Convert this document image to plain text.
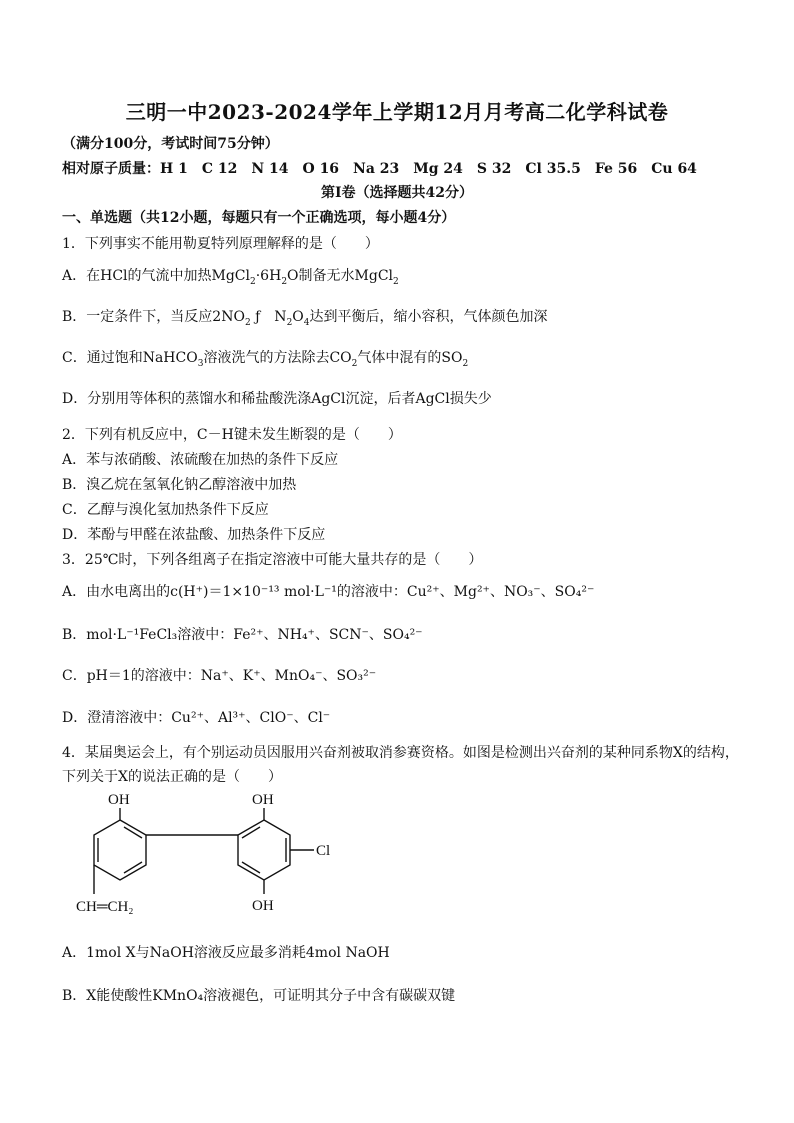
三明一中2023-2024学年上学期12月月考高二化学科试卷
（满分100分，考试时间75分钟）
相对原子质量：H 1　C 12　N 14　O 16　Na 23　Mg 24　S 32　Cl 35.5　Fe 56　Cu 64
第Ⅰ卷（选择题共42分）
一、单选题（共12小题，每题只有一个正确选项，每小题4分）
1．下列事实不能用勒夏特列原理解释的是（　　）
A．在HCl的气流中加热$MgCl_2\cdot 6H_2O$制备无水MgCl$_2$
B．一定条件下，当反应$2NO_2$ ƒ　$N_2O_4$达到平衡后，缩小容积，气体颜色加深
C．通过饱和NaHCO$_3$溶液洗气的方法除去$CO_2$气体中混有的$SO_2$
D．分别用等体积的蒸馏水和稀盐酸洗涤AgCl沉淀，后者AgCl损失少
2．下列有机反应中，C－H键未发生断裂的是（　　）
A．苯与浓硝酸、浓硫酸在加热的条件下反应
B．溴乙烷在氢氧化钠乙醇溶液中加热
C．乙醇与溴化氢加热条件下反应
D．苯酚与甲醛在浓盐酸、加热条件下反应
3．25℃时，下列各组离子在指定溶液中可能大量共存的是（　　）
A．由水电离出的c(H⁺)＝1×10⁻¹³ mol·L⁻¹的溶液中：Cu²⁺、Mg²⁺、NO₃⁻、SO₄²⁻
B．mol·L⁻¹FeCl₃溶液中：Fe²⁺、NH₄⁺、SCN⁻、SO₄²⁻
C．pH＝1的溶液中：Na⁺、K⁺、MnO₄⁻、SO₃²⁻
D．澄清溶液中：Cu²⁺、Al³⁺、ClO⁻、Cl⁻
4．某届奥运会上，有个别运动员因服用兴奋剂被取消参赛资格。如图是检测出兴奋剂的某种同系物X的结构，
下列关于X的说法正确的是（　　）
OH	OH
OH
Cl
CH═CH₂
A．1mol X与NaOH溶液反应最多消耗4mol NaOH
B．X能使酸性KMnO₄溶液褪色，可证明其分子中含有碳碳双键
